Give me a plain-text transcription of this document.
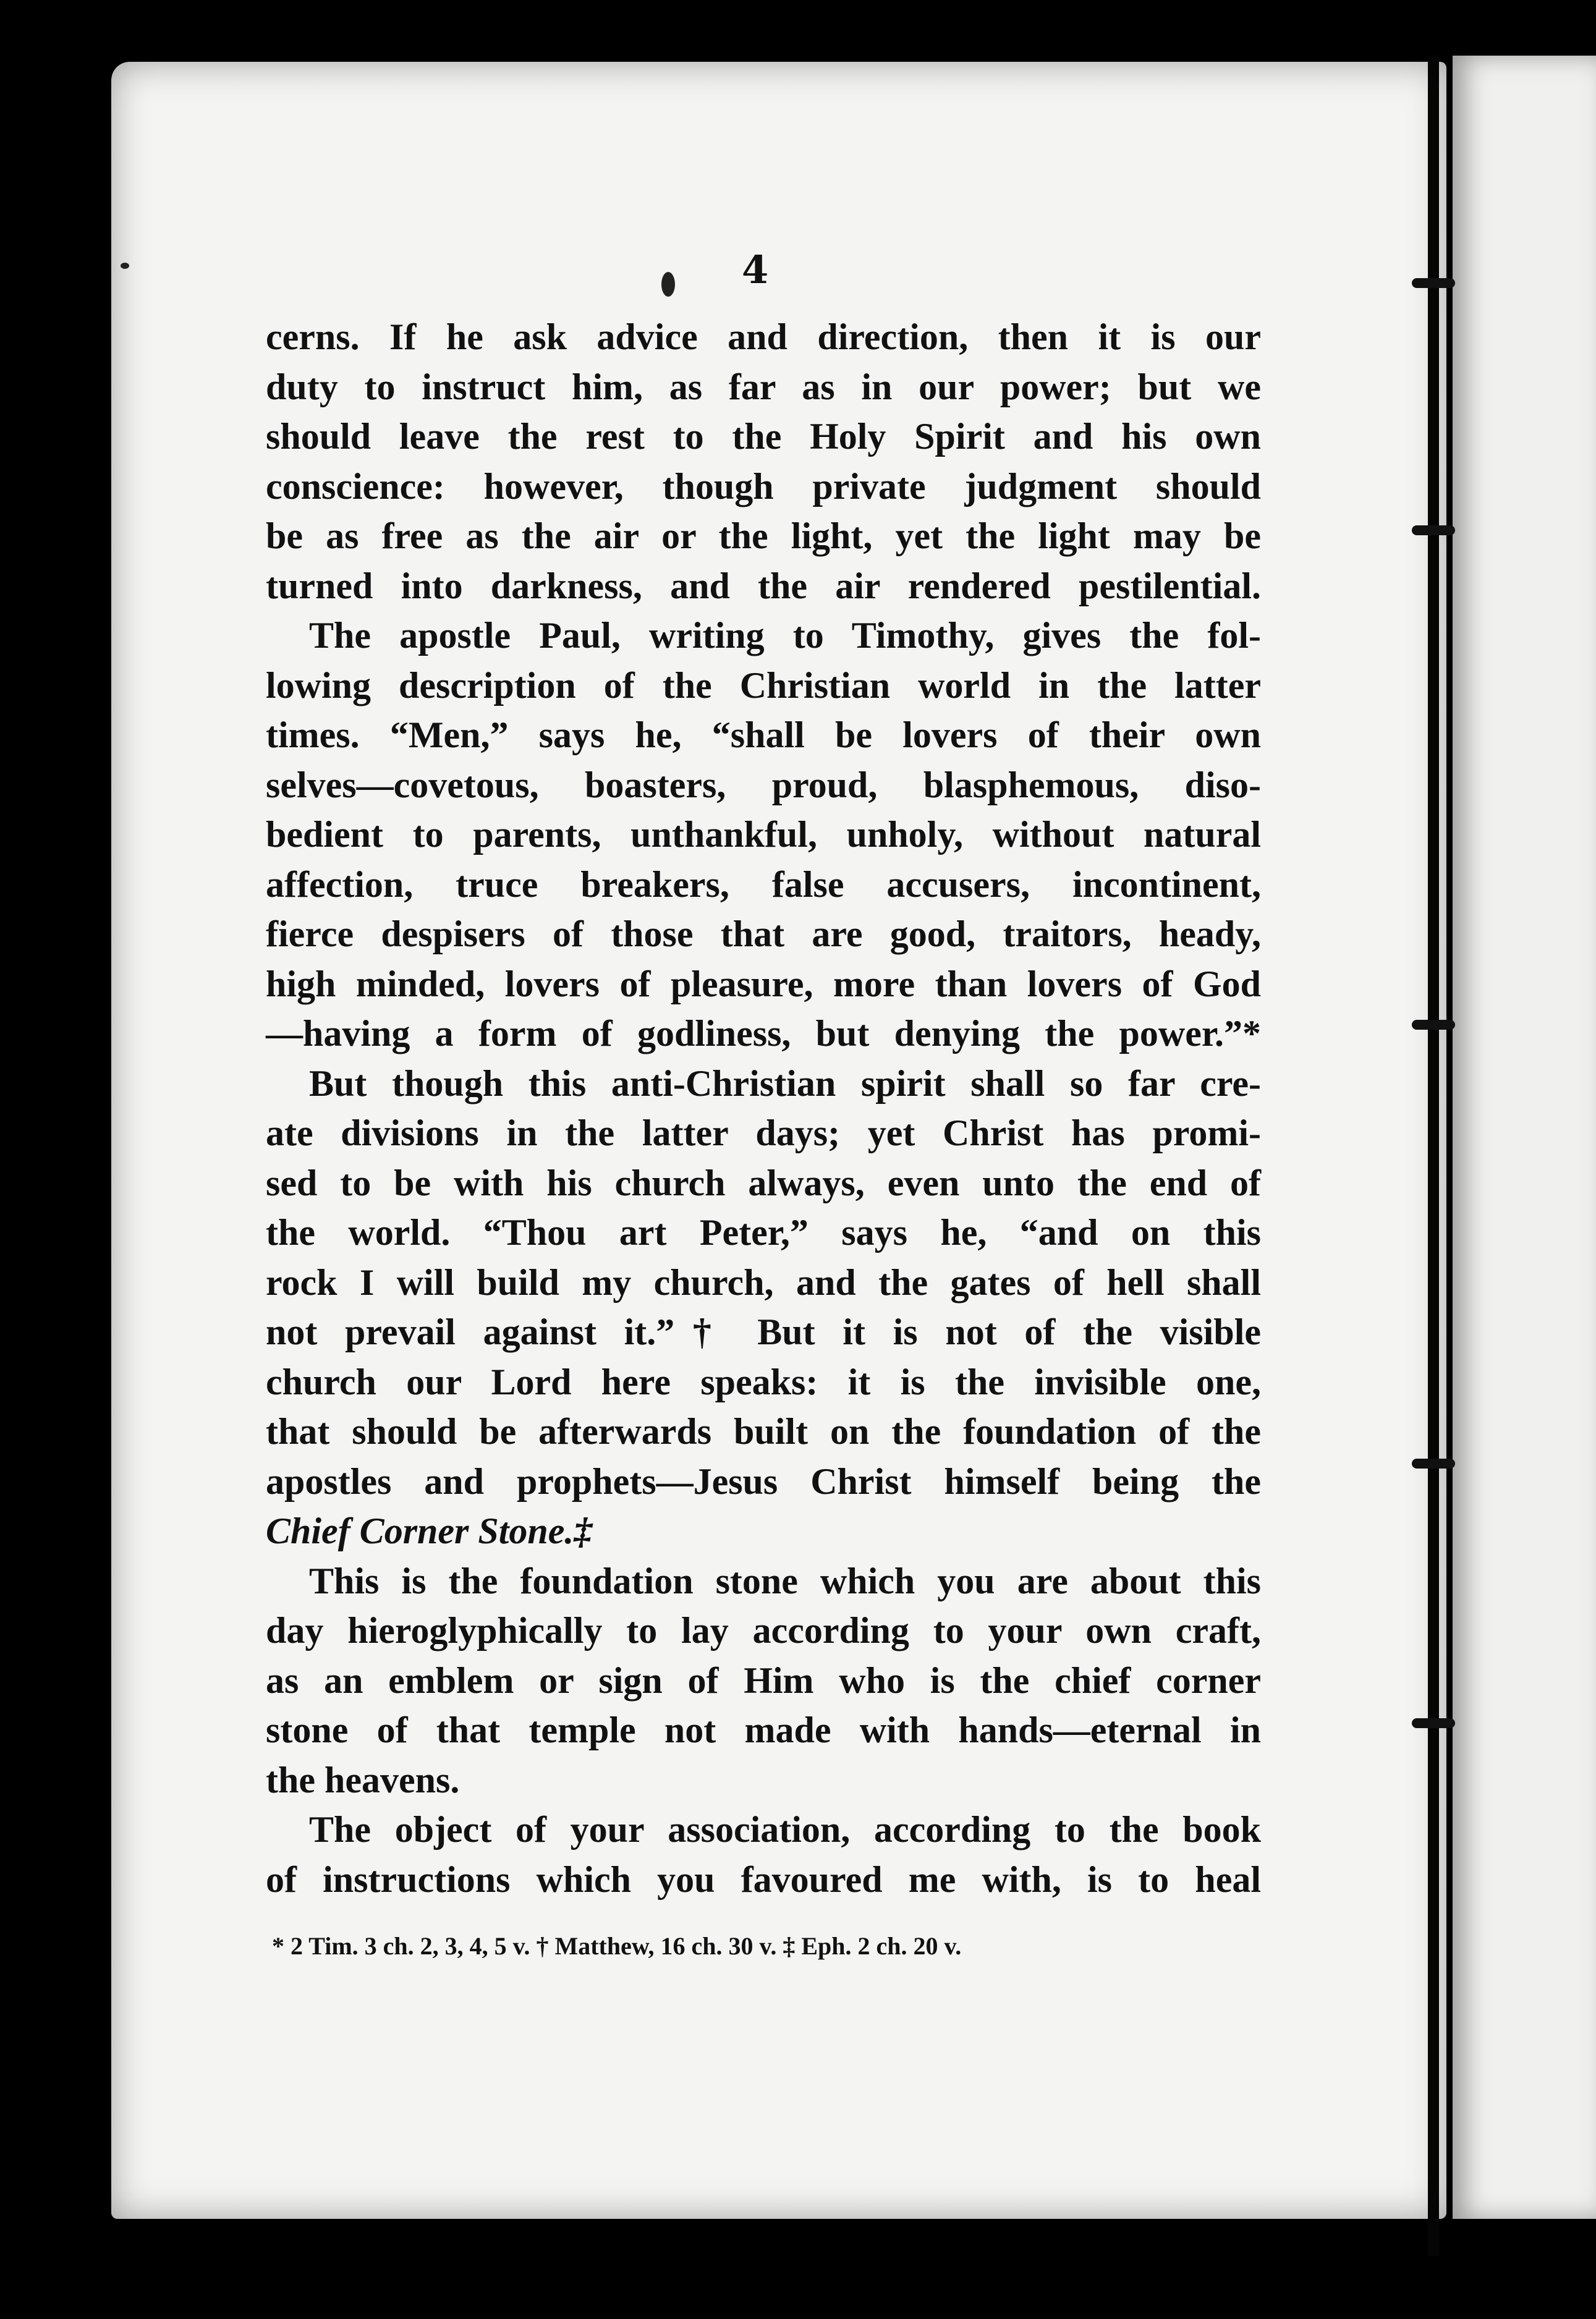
4
cerns. If he ask advice and direction, then it is our
duty to instruct him, as far as in our power; but we
should leave the rest to the Holy Spirit and his own
conscience: however, though private judgment should
be as free as the air or the light, yet the light may be
turned into darkness, and the air rendered pestilential.
The apostle Paul, writing to Timothy, gives the fol-
lowing description of the Christian world in the latter
times. “Men,” says he, “shall be lovers of their own
selves—covetous, boasters, proud, blasphemous, diso-
bedient to parents, unthankful, unholy, without natural
affection, truce breakers, false accusers, incontinent,
fierce despisers of those that are good, traitors, heady,
high minded, lovers of pleasure, more than lovers of God
—having a form of godliness, but denying the power.”*
But though this anti-Christian spirit shall so far cre-
ate divisions in the latter days; yet Christ has promi-
sed to be with his church always, even unto the end of
the world. “Thou art Peter,” says he, “and on this
rock I will build my church, and the gates of hell shall
not prevail against it.”† But it is not of the visible
church our Lord here speaks: it is the invisible one,
that should be afterwards built on the foundation of the
apostles and prophets—Jesus Christ himself being the
Chief Corner Stone.‡
This is the foundation stone which you are about this
day hieroglyphically to lay according to your own craft,
as an emblem or sign of Him who is the chief corner
stone of that temple not made with hands—eternal in
the heavens.
The object of your association, according to the book
of instructions which you favoured me with, is to heal
* 2 Tim. 3 ch. 2, 3, 4, 5 v. † Matthew, 16 ch. 30 v. ‡ Eph. 2 ch. 20 v.
